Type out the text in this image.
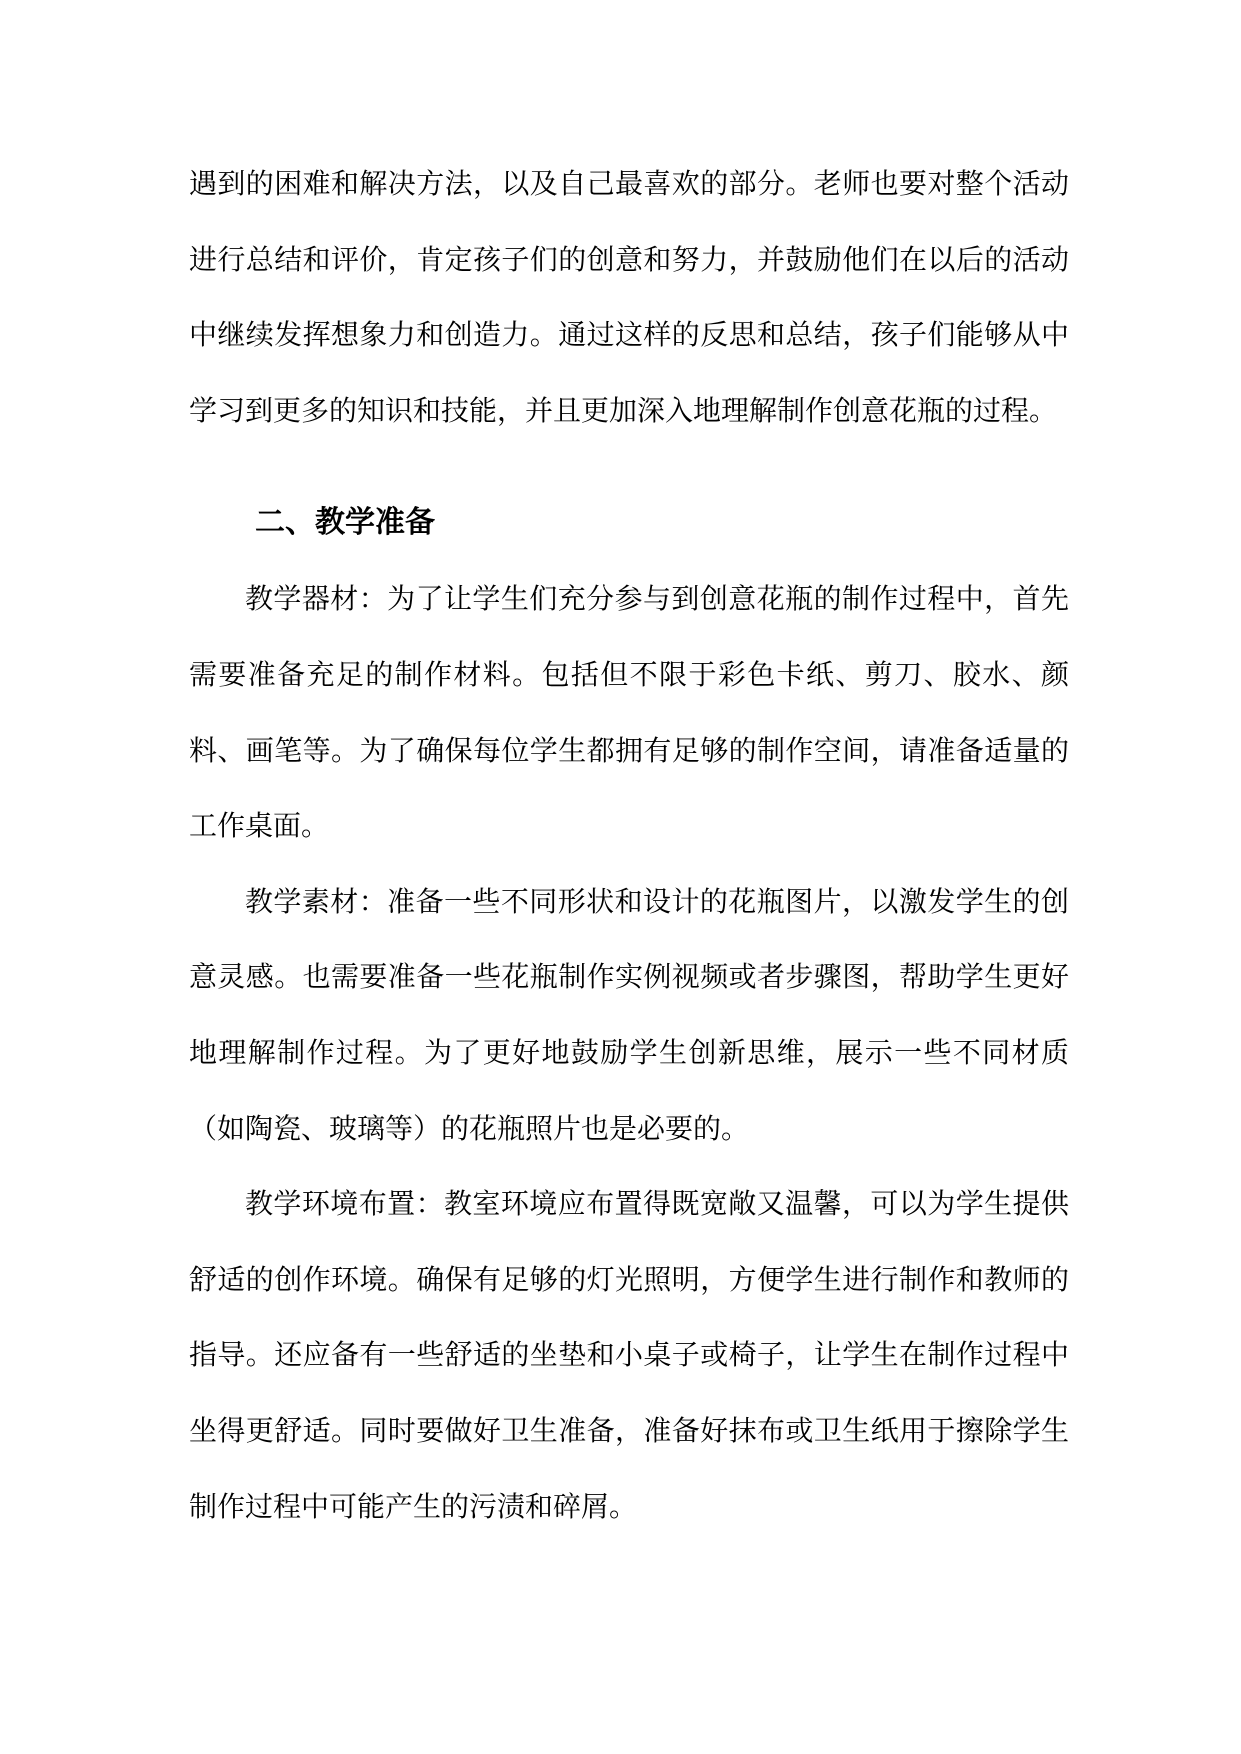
遇到的困难和解决方法，以及自己最喜欢的部分。老师也要对整个活动进行总结和评价，肯定孩子们的创意和努力，并鼓励他们在以后的活动中继续发挥想象力和创造力。通过这样的反思和总结，孩子们能够从中学习到更多的知识和技能，并且更加深入地理解制作创意花瓶的过程。

二、教学准备

教学器材：为了让学生们充分参与到创意花瓶的制作过程中，首先需要准备充足的制作材料。包括但不限于彩色卡纸、剪刀、胶水、颜料、画笔等。为了确保每位学生都拥有足够的制作空间，请准备适量的工作桌面。

教学素材：准备一些不同形状和设计的花瓶图片，以激发学生的创意灵感。也需要准备一些花瓶制作实例视频或者步骤图，帮助学生更好地理解制作过程。为了更好地鼓励学生创新思维，展示一些不同材质（如陶瓷、玻璃等）的花瓶照片也是必要的。

教学环境布置：教室环境应布置得既宽敞又温馨，可以为学生提供舒适的创作环境。确保有足够的灯光照明，方便学生进行制作和教师的指导。还应备有一些舒适的坐垫和小桌子或椅子，让学生在制作过程中坐得更舒适。同时要做好卫生准备，准备好抹布或卫生纸用于擦除学生制作过程中可能产生的污渍和碎屑。
